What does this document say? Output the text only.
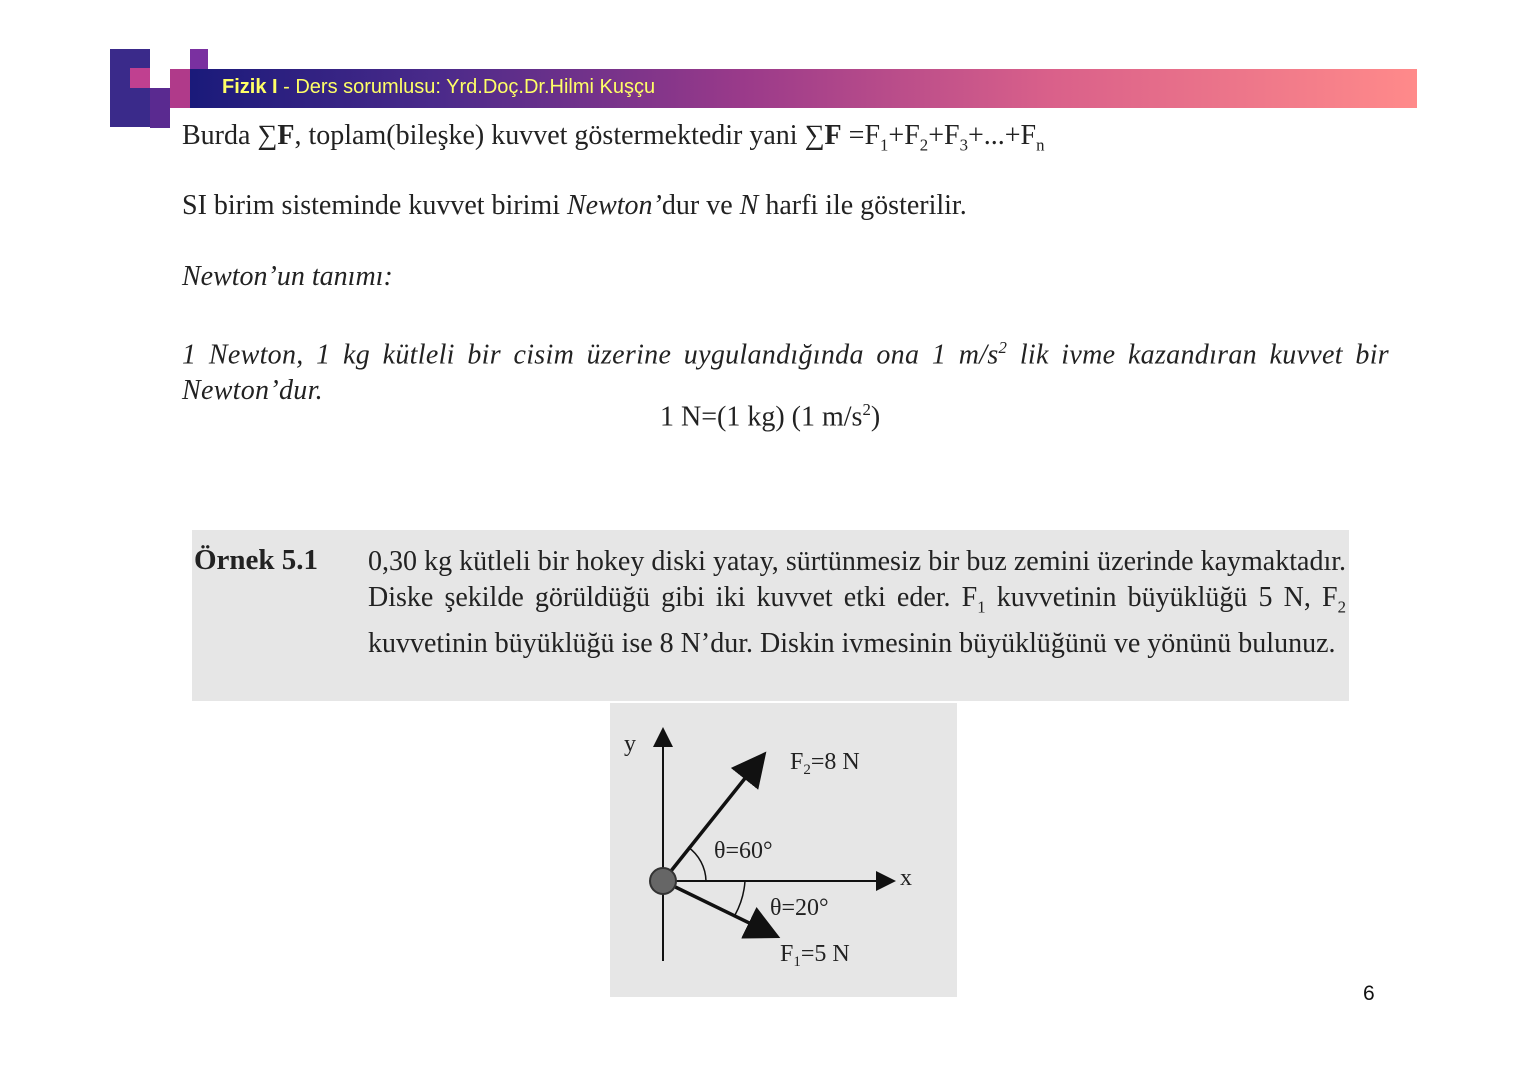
Fizik I - Ders sorumlusu: Yrd.Doç.Dr.Hilmi Kuşçu
Burda ∑F, toplam(bileşke) kuvvet göstermektedir yani $\sum F =F_1+F_2+F_3+...+F_n$
SI birim sisteminde kuvvet birimi Newton’dur ve N harfi ile gösterilir.
Newton’un tanımı:
1 Newton, 1 kg kütleli bir cisim üzerine uygulandığında ona 1 $m/s^2$ lik ivme kazandıran kuvvet bir Newton’dur.
1 N=(1 kg) (1 $m/s^2$)
Örnek 5.1 0,30 kg kütleli bir hokey diski yatay, sürtünmesiz bir buz zemini üzerinde kaymaktadır. Diske şekilde görüldüğü gibi iki kuvvet etki eder. $F_1$ kuvvetinin büyüklüğü 5 N, $F_2$ kuvvetinin büyüklüğü ise 8 N’dur. Diskin ivmesinin büyüklüğünü ve yönünü bulunuz.
y
x
$F_2=8$ N
θ=60°
θ=20°
$F_1=5$ N
6
